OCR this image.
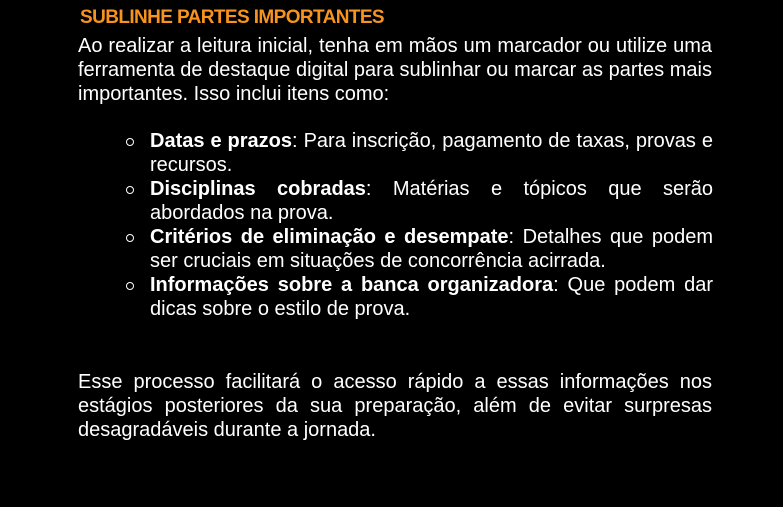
SUBLINHE PARTES IMPORTANTES
Ao realizar a leitura inicial, tenha em mãos um marcador ou utilize uma ferramenta de destaque digital para sublinhar ou marcar as partes mais importantes. Isso inclui itens como:
Datas e prazos: Para inscrição, pagamento de taxas, provas e recursos.
Disciplinas cobradas: Matérias e tópicos que serão abordados na prova.
Critérios de eliminação e desempate: Detalhes que podem ser cruciais em situações de concorrência acirrada.
Informações sobre a banca organizadora: Que podem dar dicas sobre o estilo de prova.
Esse processo facilitará o acesso rápido a essas informações nos estágios posteriores da sua preparação, além de evitar surpresas desagradáveis durante a jornada.
